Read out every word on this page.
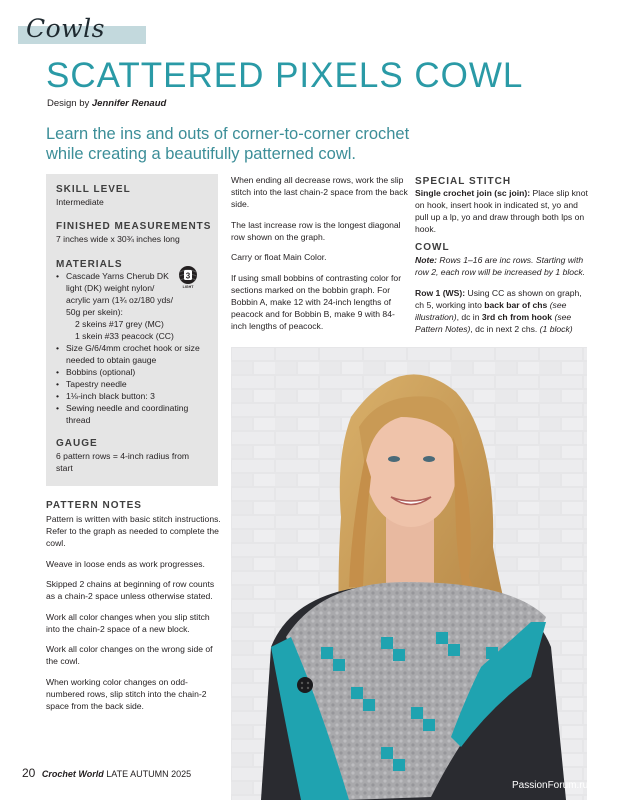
Cowls
SCATTERED PIXELS COWL
Design by Jennifer Renaud
Learn the ins and outs of corner-to-corner crochet while creating a beautifully patterned cowl.
SKILL LEVEL
Intermediate
FINISHED MEASUREMENTS
7 inches wide x 30¾ inches long
MATERIALS
• Cascade Yarns Cherub DK light (DK) weight nylon/ acrylic yarn (1¾ oz/180 yds/ 50g per skein):
2 skeins #17 grey (MC)
1 skein #33 peacock (CC)
• Size G/6/4mm crochet hook or size needed to obtain gauge
• Bobbins (optional)
• Tapestry needle
• 1⅛-inch black button: 3
• Sewing needle and coordinating thread
3
LIGHT
GAUGE
6 pattern rows = 4-inch radius from start
PATTERN NOTES

Pattern is written with basic stitch instructions. Refer to the graph as needed to complete the cowl.

Weave in loose ends as work progresses.

Skipped 2 chains at beginning of row counts as a chain-2 space unless otherwise stated.

Work all color changes when you slip stitch into the chain-2 space of a new block.

Work all color changes on the wrong side of the cowl.

When working color changes on odd-numbered rows, slip stitch into the chain-2 space from the back side.

When ending all decrease rows, work the slip stitch into the last chain-2 space from the back side.

The last increase row is the longest diagonal row shown on the graph.

Carry or float Main Color.

If using small bobbins of contrasting color for sections marked on the bobbin graph. For Bobbin A, make 12 with 24-inch lengths of peacock and for Bobbin B, make 9 with 84-inch lengths of peacock.

SPECIAL STITCH
Single crochet join (sc join): Place slip knot on hook, insert hook in indicated st, yo and pull up a lp, yo and draw through both lps on hook.
COWL

Note: Rows 1–16 are inc rows. Starting with row 2, each row will be increased by 1 block.

Row 1 (WS): Using CC as shown on graph, ch 5, working into back bar of chs (see illustration), dc in 3rd ch from hook (see Pattern Notes), dc in next 2 chs. (1 block)

20 Crochet World LATE AUTUMN 2025
PassionForum.ru
